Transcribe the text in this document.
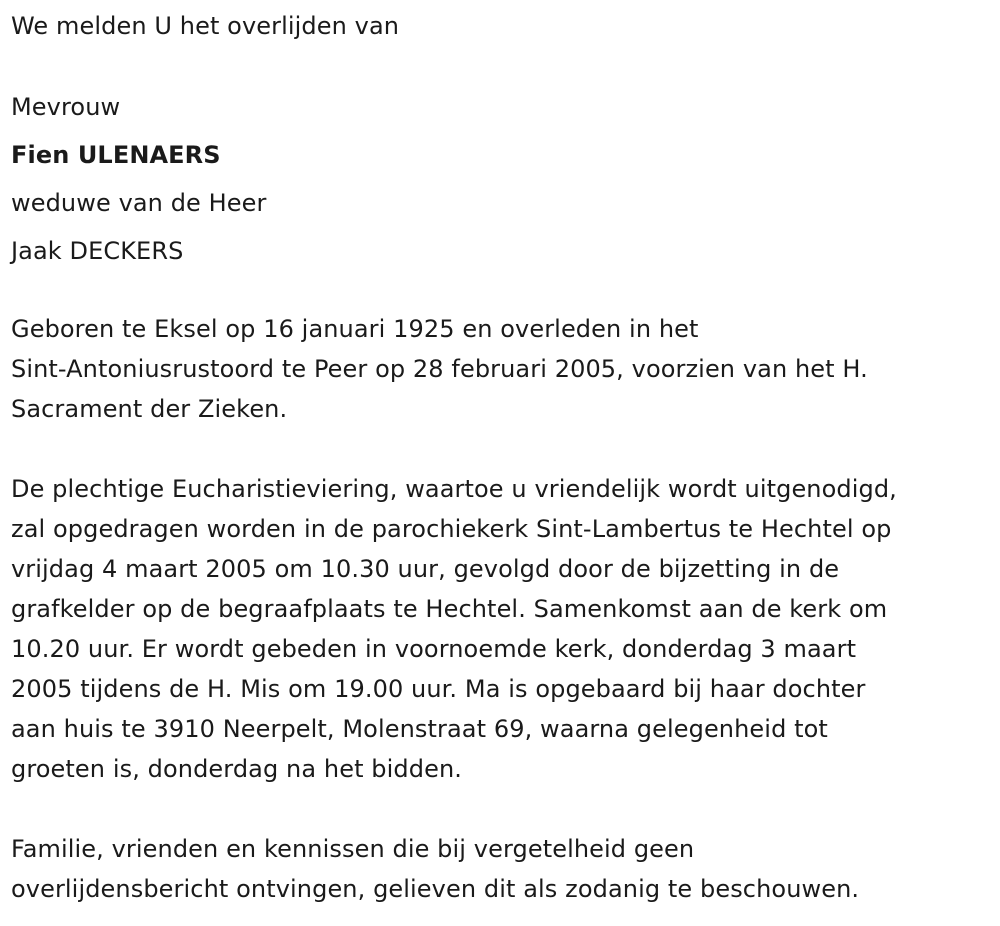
We melden U het overlijden van
Mevrouw
Fien ULENAERS
weduwe van de Heer
Jaak DECKERS
Geboren te Eksel op 16 januari 1925 en overleden in het
Sint-Antoniusrustoord te Peer op 28 februari 2005, voorzien van het H.
Sacrament der Zieken.
De plechtige Eucharistieviering, waartoe u vriendelijk wordt uitgenodigd,
zal opgedragen worden in de parochiekerk Sint-Lambertus te Hechtel op
vrijdag 4 maart 2005 om 10.30 uur, gevolgd door de bijzetting in de
grafkelder op de begraafplaats te Hechtel. Samenkomst aan de kerk om
10.20 uur. Er wordt gebeden in voornoemde kerk, donderdag 3 maart
2005 tijdens de H. Mis om 19.00 uur. Ma is opgebaard bij haar dochter
aan huis te 3910 Neerpelt, Molenstraat 69, waarna gelegenheid tot
groeten is, donderdag na het bidden.
Familie, vrienden en kennissen die bij vergetelheid geen
overlijdensbericht ontvingen, gelieven dit als zodanig te beschouwen.
